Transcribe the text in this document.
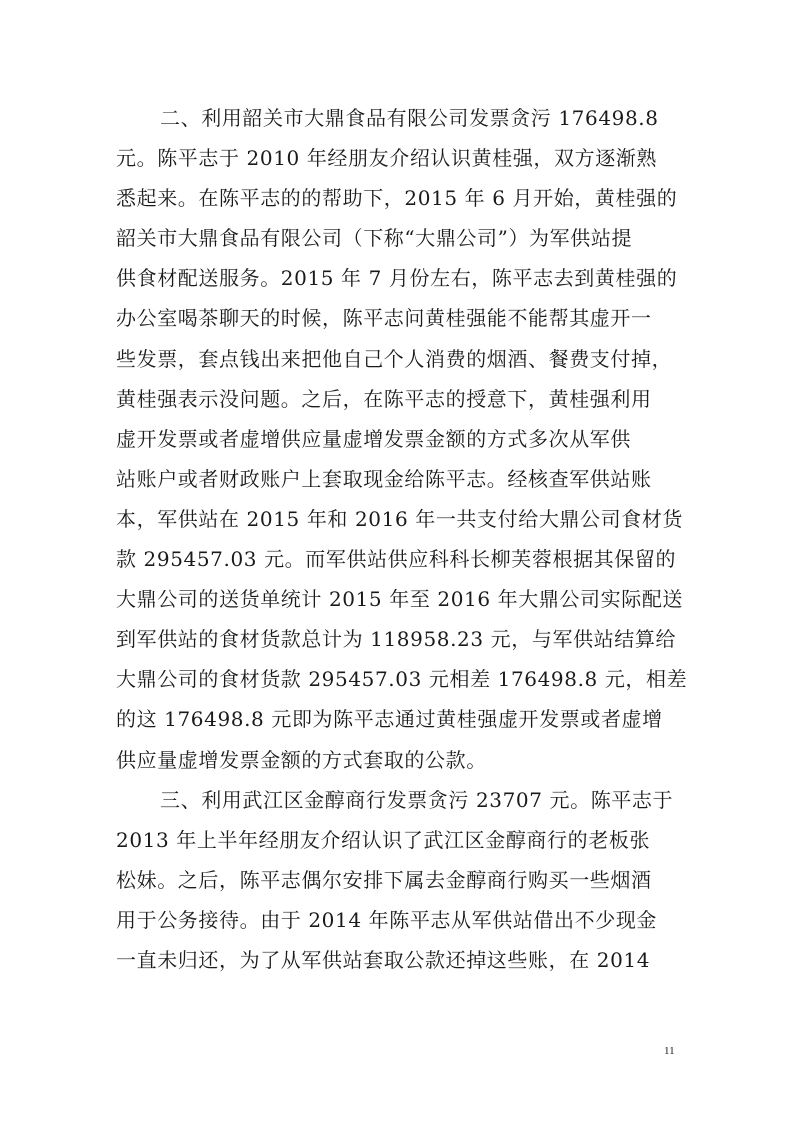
二、利用韶关市大鼎食品有限公司发票贪污 176498.8
元。陈平志于 2010 年经朋友介绍认识黄桂强，双方逐渐熟
悉起来。在陈平志的的帮助下，2015 年 6 月开始，黄桂强的
韶关市大鼎食品有限公司（下称“大鼎公司”）为军供站提
供食材配送服务。2015 年 7 月份左右，陈平志去到黄桂强的
办公室喝茶聊天的时候，陈平志问黄桂强能不能帮其虚开一
些发票，套点钱出来把他自己个人消费的烟酒、餐费支付掉，
黄桂强表示没问题。之后，在陈平志的授意下，黄桂强利用
虚开发票或者虚增供应量虚增发票金额的方式多次从军供
站账户或者财政账户上套取现金给陈平志。经核查军供站账
本，军供站在 2015 年和 2016 年一共支付给大鼎公司食材货
款 295457.03 元。而军供站供应科科长柳芙蓉根据其保留的
大鼎公司的送货单统计 2015 年至 2016 年大鼎公司实际配送
到军供站的食材货款总计为 118958.23 元，与军供站结算给
大鼎公司的食材货款 295457.03 元相差 176498.8 元，相差
的这 176498.8 元即为陈平志通过黄桂强虚开发票或者虚增
供应量虚增发票金额的方式套取的公款。
三、利用武江区金醇商行发票贪污 23707 元。陈平志于
2013 年上半年经朋友介绍认识了武江区金醇商行的老板张
松妹。之后，陈平志偶尔安排下属去金醇商行购买一些烟酒
用于公务接待。由于 2014 年陈平志从军供站借出不少现金
一直未归还，为了从军供站套取公款还掉这些账，在 2014
11
